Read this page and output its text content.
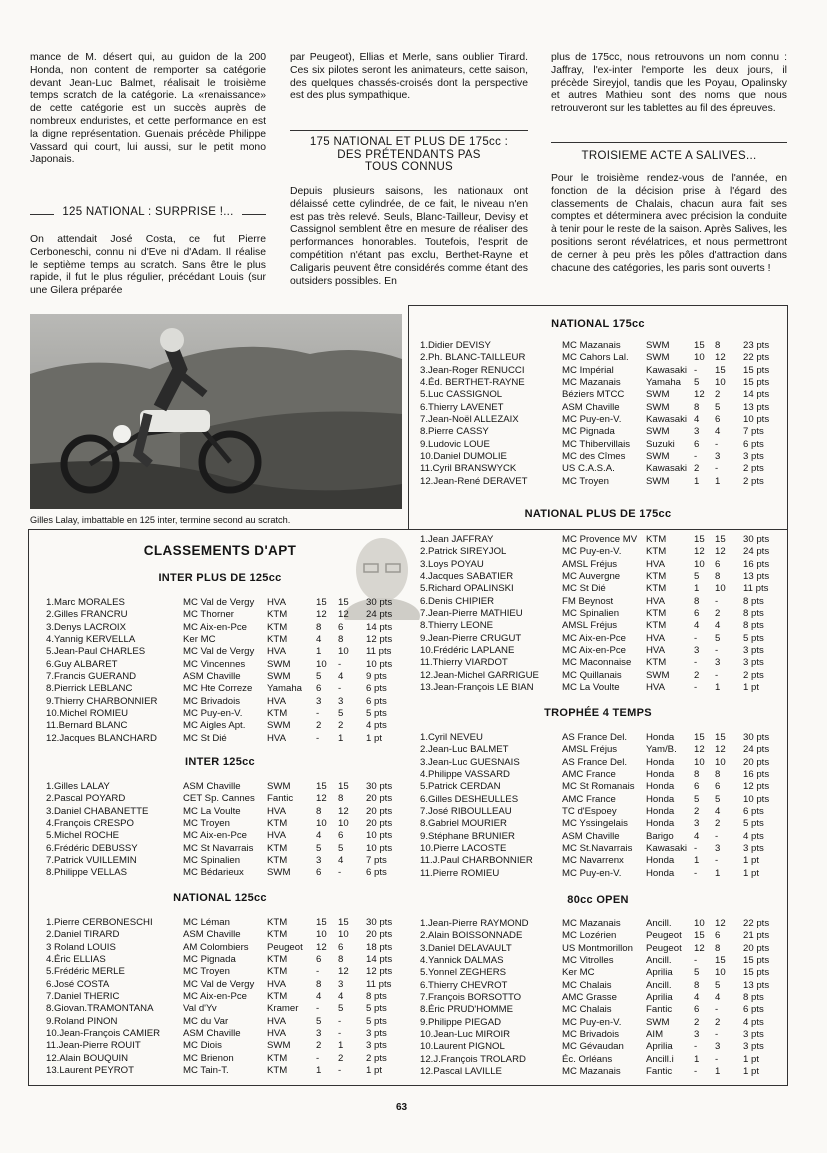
mance de M. désert qui, au guidon de la 200 Honda, non content de remporter sa catégorie devant Jean-Luc Balmet, réalisait le troisième temps scratch de la catégorie. La «renaissance» de cette catégorie est un succès auprès de nombreux enduristes, et cette performance en est la digne représentation. Guenais précède Philippe Vassard qui court, lui aussi, sur le petit mono Japonais.

par Peugeot), Ellias et Merle, sans oublier Tirard. Ces six pilotes seront les animateurs, cette saison, des quelques chassés-croisés dont la perspective est des plus sympathique.

plus de 175cc, nous retrouvons un nom connu : Jaffray, l'ex-inter l'emporte les deux jours, il précède Sireyjol, tandis que les Poyau, Opalinsky et autres Mathieu sont des noms que nous retrouveront sur les tablettes au fil des épreuves.

125 NATIONAL : SURPRISE !...

On attendait José Costa, ce fut Pierre Cerboneschi, connu ni d'Eve ni d'Adam. Il réalise le septième temps au scratch. Sans être le plus rapide, il fut le plus régulier, précédant Louis (sur une Gilera préparée

175 NATIONAL ET PLUS DE 175cc :
DES PRÉTENDANTS PAS
TOUS CONNUS

Depuis plusieurs saisons, les nationaux ont délaissé cette cylindrée, de ce fait, le niveau n'en est pas très relevé. Seuls, Blanc-Tailleur, Devisy et Cassignol semblent être en mesure de réaliser des performances honorables. Toutefois, l'esprit de compétition n'étant pas exclu, Berthet-Rayne et Caligaris peuvent être considérés comme étant des outsiders possibles. En

TROISIEME ACTE A SALIVES...

Pour le troisième rendez-vous de l'année, en fonction de la décision prise à l'égard des classements de Chalais, chacun aura fait ses comptes et déterminera avec précision la conduite à tenir pour le reste de la saison. Après Salives, les positions seront révélatrices, et nous permettront de cerner à peu près les pôles d'attraction dans chacune des catégories, les paris sont ouverts !

Gilles Lalay, imbattable en 125 inter, termine second au scratch.
CLASSEMENTS D'APT
INTER PLUS DE 125cc
INTER 125cc
NATIONAL 125cc
NATIONAL 175cc
NATIONAL PLUS DE 175cc
TROPHÉE 4 TEMPS
80cc OPEN
1.Marc MORALES	MC Val de Vergy HVA	15 15 30 pts
2.Gilles FRANCRU	MC Thorner	KTM	12 12 24 pts
3.Denys LACROIX	MC Aix-en-Pce KTM	8 6 14 pts
4.Yannig KERVELLA	Ker MC	KTM	4 8 12 pts
5.Jean-Paul CHARLES	MC Val de Vergy HVA	1 10 11 pts
6.Guy ALBARET	MC Vincennes SWM	10 -	10 pts
7.Francis GUERAND	ASM Chaville	SWM	5 4 9 pts
8.Pierrick LEBLANC	MC Hte Correze Yamaha 6 -	6 pts
9.Thierry CHARBONNIER	MC Brivadois	HVA	3 3 6 pts
10.Michel ROMIEU	MC Puy-en-V.	KTM	- 5 5 pts
11.Bernard BLANC	MC Aigles Apt. SWM	2 2 4 pts
12.Jacques BLANCHARD	MC St Dié	HVA	- 1 1 pt
1.Gilles LALAY	ASM Chaville	SWM	15 15 30 pts
2.Pascal POYARD	CET Sp. Cannes Fantic 12 8 20 pts
3.Daniel CHABANETTE	MC La Voulte	HVA	8 12 20 pts
4.François CRESPO	MC Troyen	KTM	10 10 20 pts
5.Michel ROCHE	MC Aix-en-Pce HVA	4 6 10 pts
6.Frédéric DEBUSSY	MC St Navarrais KTM	5 5 10 pts
7.Patrick VUILLEMIN	MC Spinalien	KTM	3 4 7 pts
8.Philippe VELLAS	MC Bédarieux SWM	6 -	6 pts
1.Pierre CERBONESCHI	MC Léman	KTM	15 15 30 pts
2.Daniel TIRARD	ASM Chaville	KTM	10 10 20 pts
3 Roland LOUIS	AM Colombiers Peugeot 12 6 18 pts
4.Éric ELLIAS	MC Pignada	KTM	6 8 14 pts
5.Frédéric MERLE	MC Troyen	KTM	- 12 12 pts
6.José COSTA	MC Val de Vergy HVA	8 3 11 pts
7.Daniel THERIC	MC Aix-en-Pce KTM	4 4 8 pts
8.Giovan.TRAMONTANA	Val d'Yv	Kramer - 5 5 pts
9.Roland PINON	MC du Var	HVA	5 -	5 pts
10.Jean-François CAMIER ASM Chaville	HVA	3 -	3 pts
11.Jean-Pierre ROUIT	MC Diois	SWM	2 1 3 pts
12.Alain BOUQUIN	MC Brienon	KTM	- 2 2 pts
13.Laurent PEYROT	MC Tain-T.	KTM	1 -	1 pt
1.Didier DEVISY	MC Mazanais	SWM	15 8 23 pts
2.Ph. BLANC-TAILLEUR	MC Cahors Lal. SWM	10 12 22 pts
3.Jean-Roger RENUCCI	MC Impérial	Kawasaki - 15 15 pts
4.Éd. BERTHET-RAYNE	MC Mazanais	Yamaha 5 10 15 pts
5.Luc CASSIGNOL	Béziers MTCC SWM	12 2 14 pts
6.Thierry LAVENET	ASM Chaville	SWM	8 5 13 pts
7.Jean-Noël ALLEZAIX	MC Puy-en-V.	Kawasaki 4 6 10 pts
8.Pierre CASSY	MC Pignada	SWM	3 4 7 pts
9.Ludovic LOUE	MC Thibervillais Suzuki 6 -	6 pts
10.Daniel DUMOLIE	MC des Cîmes SWM	- 3 3 pts
11.Cyril BRANSWYCK	US C.A.S.A.	Kawasaki 2 -	2 pts
12.Jean-René DERAVET	MC Troyen	SWM	1 1 2 pts
1.Jean JAFFRAY	MC Provence MV KTM	15 15 30 pts
2.Patrick SIREYJOL	MC Puy-en-V.	KTM	12 12 24 pts
3.Loys POYAU	AMSL Fréjus	HVA	10 6 16 pts
4.Jacques SABATIER	MC Auvergne	KTM	5 8 13 pts
5.Richard OPALINSKI	MC St Dié	KTM	1 10 11 pts
6.Denis CHIPIER	FM Beynost	HVA	8 -	8 pts
7.Jean-Pierre MATHIEU	MC Spinalien	KTM	6 2 8 pts
8.Thierry LEONE	AMSL Fréjus	KTM	4 4 8 pts
9.Jean-Pierre CRUGUT	MC Aix-en-Pce HVA	- 5 5 pts
10.Frédéric LAPLANE	MC Aix-en-Pce HVA	3 -	3 pts
11.Thierry VIARDOT	MC Maconnaise KTM	- 3 3 pts
12.Jean-Michel GARRIGUE MC Quillanais	SWM	2 -	2 pts
13.Jean-François LE BIAN	MC La Voulte	HVA	- 1 1 pt
1.Cyril NEVEU	AS France Del. Honda 15 15 30 pts
2.Jean-Luc BALMET	AMSL Fréjus	Yam/B. 12 12 24 pts
3.Jean-Luc GUESNAIS	AS France Del. Honda 10 10 20 pts
4.Philippe VASSARD	AMC France	Honda 8 8 16 pts
5.Patrick CERDAN	MC St Romanais Honda 6 6 12 pts
6.Gilles DESHEULLES	AMC France	Honda 5 5 10 pts
7.José RIBOULLEAU	TC d'Espoey	Honda 2 4 6 pts
8.Gabriel MOURIER	MC Yssingelais Honda 3 2 5 pts
9.Stéphane BRUNIER	ASM Chaville	Barigo 4 -	4 pts
10.Pierre LACOSTE	MC St.Navarrais Kawasaki - 3 3 pts
11.J.Paul CHARBONNIER	MC Navarrenx Honda 1 -	1 pt
11.Pierre ROMIEU	MC Puy-en-V.	Honda - 1 1 pt
1.Jean-Pierre RAYMOND	MC Mazanais	Ancill. 10 12 22 pts
2.Alain BOISSONNADE	MC Lozérien	Peugeot 15 6 21 pts
3.Daniel DELAVAULT	US Montmorillon Peugeot 12 8 20 pts
4.Yannick DALMAS	MC Vitrolles	Ancill. - 15 15 pts
5.Yonnel ZEGHERS	Ker MC	Aprilia 5 10 15 pts
6.Thierry CHEVROT	MC Chalais	Ancill. 8 5 13 pts
7.François BORSOTTO	AMC Grasse	Aprilia 4 4 8 pts
8.Éric PRUD'HOMME	MC Chalais	Fantic 6 -	6 pts
9.Philippe PIEGAD	MC Puy-en-V.	SWM	2 2 4 pts
10.Jean-Luc MIROIR	MC Brivadois	AIM	3 -	3 pts
10.Laurent PIGNOL	MC Gévaudan Aprilia - 3 3 pts
12.J.François TROLARD	Éc. Orléans	Ancill.i 1 -	1 pt
12.Pascal LAVILLE	MC Mazanais	Fantic - 1 1 pt
63
